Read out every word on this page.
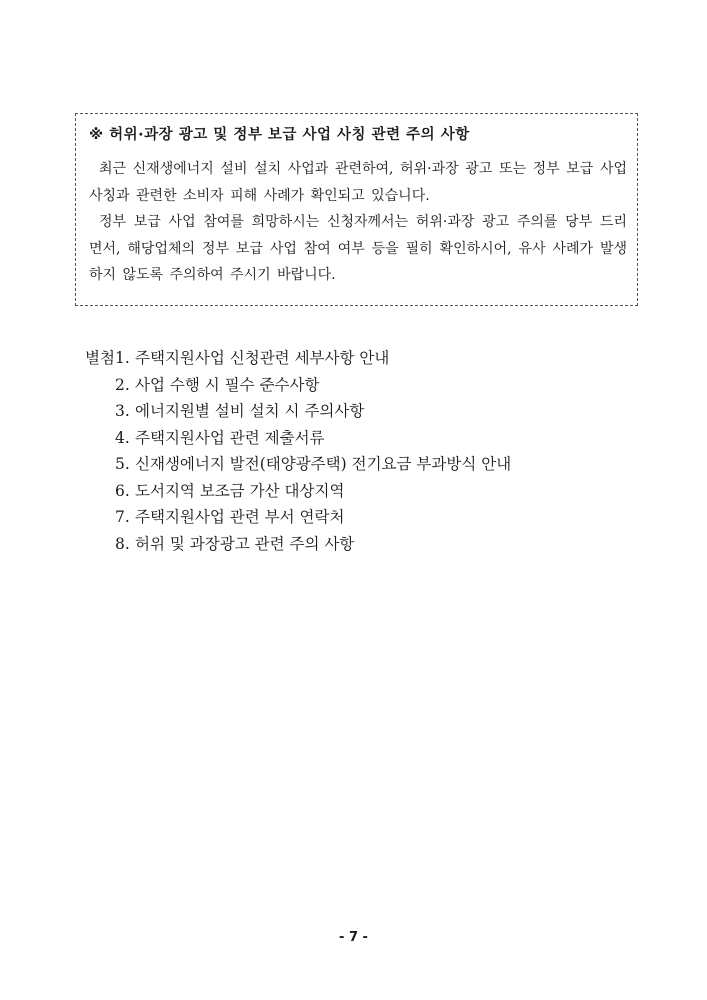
※ 허위·과장 광고 및 정부 보급 사업 사칭 관련 주의 사항

최근 신재생에너지 설비 설치 사업과 관련하여, 허위·과장 광고 또는 정부 보급 사업 사칭과 관련한 소비자 피해 사례가 확인되고 있습니다.

정부 보급 사업 참여를 희망하시는 신청자께서는 허위·과장 광고 주의를 당부 드리면서, 해당업체의 정부 보급 사업 참여 여부 등을 필히 확인하시어, 유사 사례가 발생하지 않도록 주의하여 주시기 바랍니다.

별첨 1. 주택지원사업 신청관련 세부사항 안내
2. 사업 수행 시 필수 준수사항
3. 에너지원별 설비 설치 시 주의사항
4. 주택지원사업 관련 제출서류
5. 신재생에너지 발전(태양광주택) 전기요금 부과방식 안내
6. 도서지역 보조금 가산 대상지역
7. 주택지원사업 관련 부서 연락처
8. 허위 및 과장광고 관련 주의 사항
- 7 -
